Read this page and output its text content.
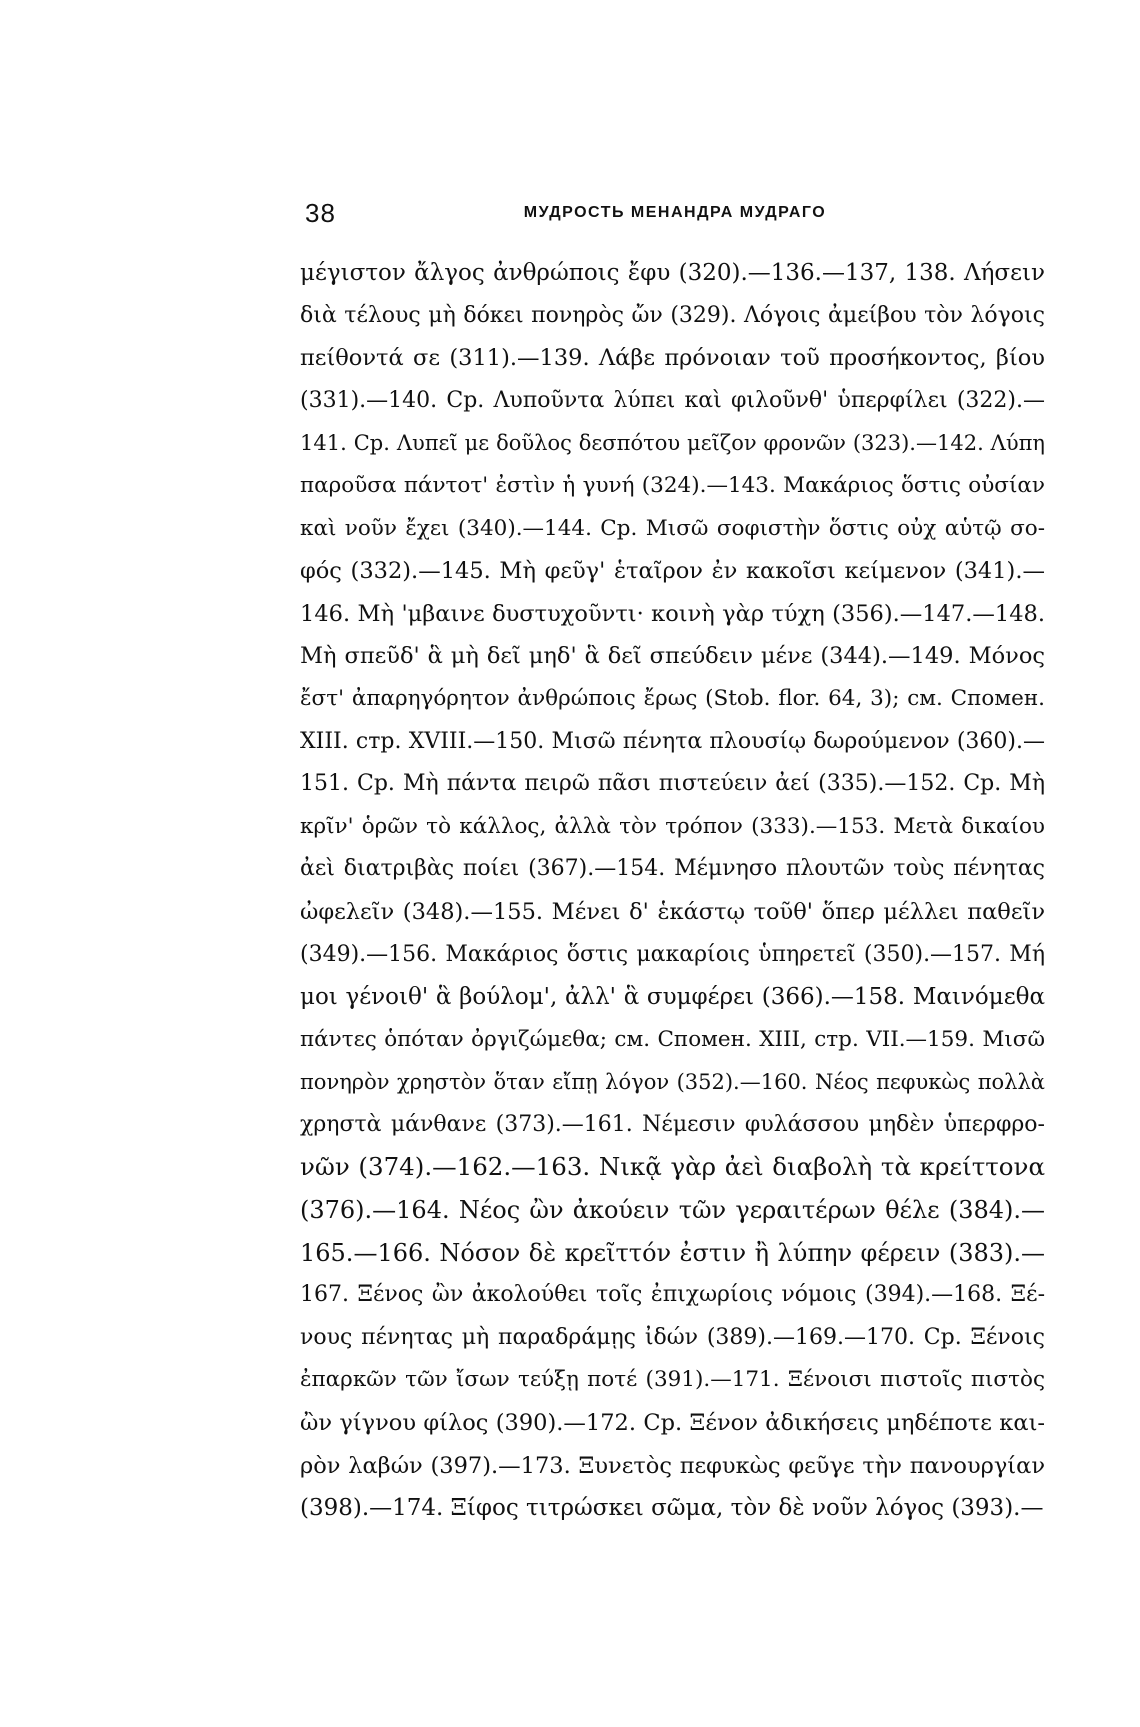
38	МУДРОСТЬ МЕНАНДРА МУДРАГО
μέγιστον ἄλγος ἀνθρώποις ἔφυ (320).—136.—137, 138. Λήσειν
διὰ τέλους μὴ δόκει πονηρὸς ὤν (329). Λόγοις ἀμείβου τὸν λόγοις
πείθοντά σε (311).—139. Λάβε πρόνοιαν τοῦ προσήκοντος, βίου
(331).—140. Ср. Λυποῦντα λύπει καὶ φιλοῦνθ' ὑπερφίλει (322).—
141. Ср. Λυπεῖ με δοῦλος δεσπότου μεῖζον φρονῶν (323).—142. Λύπη
παροῦσα πάντοτ' ἐστὶν ἡ γυνή (324).—143. Μακάριος ὅστις οὐσίαν
καὶ νοῦν ἔχει (340).—144. Ср. Μισῶ σοφιστὴν ὅστις οὐχ αὑτῷ σο-
φός (332).—145. Μὴ φεῦγ' ἑταῖρον ἐν κακοῖσι κείμενον (341).—
146. Μὴ 'μβαινε δυστυχοῦντι· κοινὴ γὰρ τύχη (356).—147.—148.
Μὴ σπεῦδ' ἃ μὴ δεῖ μηδ' ἃ δεῖ σπεύδειν μένε (344).—149. Μόνος
ἔστ' ἀπαρηγόρητον ἀνθρώποις ἔρως (Stob. flor. 64, 3); см. Спомен.
XIII. стр. XVIII.—150. Μισῶ πένητα πλουσίῳ δωρούμενον (360).—
151. Ср. Μὴ πάντα πειρῶ πᾶσι πιστεύειν ἀεί (335).—152. Ср. Μὴ
κρῖν' ὁρῶν τὸ κάλλος, ἀλλὰ τὸν τρόπον (333).—153. Μετὰ δικαίου
ἀεὶ διατριβὰς ποίει (367).—154. Μέμνησο πλουτῶν τοὺς πένητας
ὠφελεῖν (348).—155. Μένει δ' ἑκάστῳ τοῦθ' ὅπερ μέλλει παθεῖν
(349).—156. Μακάριος ὅστις μακαρίοις ὑπηρετεῖ (350).—157. Μή
μοι γένοιθ' ἃ βούλομ', ἀλλ' ἃ συμφέρει (366).—158. Μαινόμεθα
πάντες ὁπόταν ὀργιζώμεθα; см. Спомен. XIII, стр. VII.—159. Μισῶ
πονηρὸν χρηστὸν ὅταν εἴπῃ λόγον (352).—160. Νέος πεφυκὼς πολλὰ
χρηστὰ μάνθανε (373).—161. Νέμεσιν φυλάσσου μηδὲν ὑπερφρο-
νῶν (374).—162.—163. Νικᾷ γὰρ ἀεὶ διαβολὴ τὰ κρείττονα
(376).—164. Νέος ὢν ἀκούειν τῶν γεραιτέρων θέλε (384).—
165.—166. Νόσον δὲ κρεῖττόν ἐστιν ἢ λύπην φέρειν (383).—
167. Ξένος ὢν ἀκολούθει τοῖς ἐπιχωρίοις νόμοις (394).—168. Ξέ-
νους πένητας μὴ παραδράμῃς ἰδών (389).—169.—170. Ср. Ξένοις
ἐπαρκῶν τῶν ἴσων τεύξῃ ποτέ (391).—171. Ξένοισι πιστοῖς πιστὸς
ὢν γίγνου φίλος (390).—172. Ср. Ξένον ἀδικήσεις μηδέποτε και-
ρὸν λαβών (397).—173. Ξυνετὸς πεφυκὼς φεῦγε τὴν πανουργίαν
(398).—174. Ξίφος τιτρώσκει σῶμα, τὸν δὲ νοῦν λόγος (393).—
